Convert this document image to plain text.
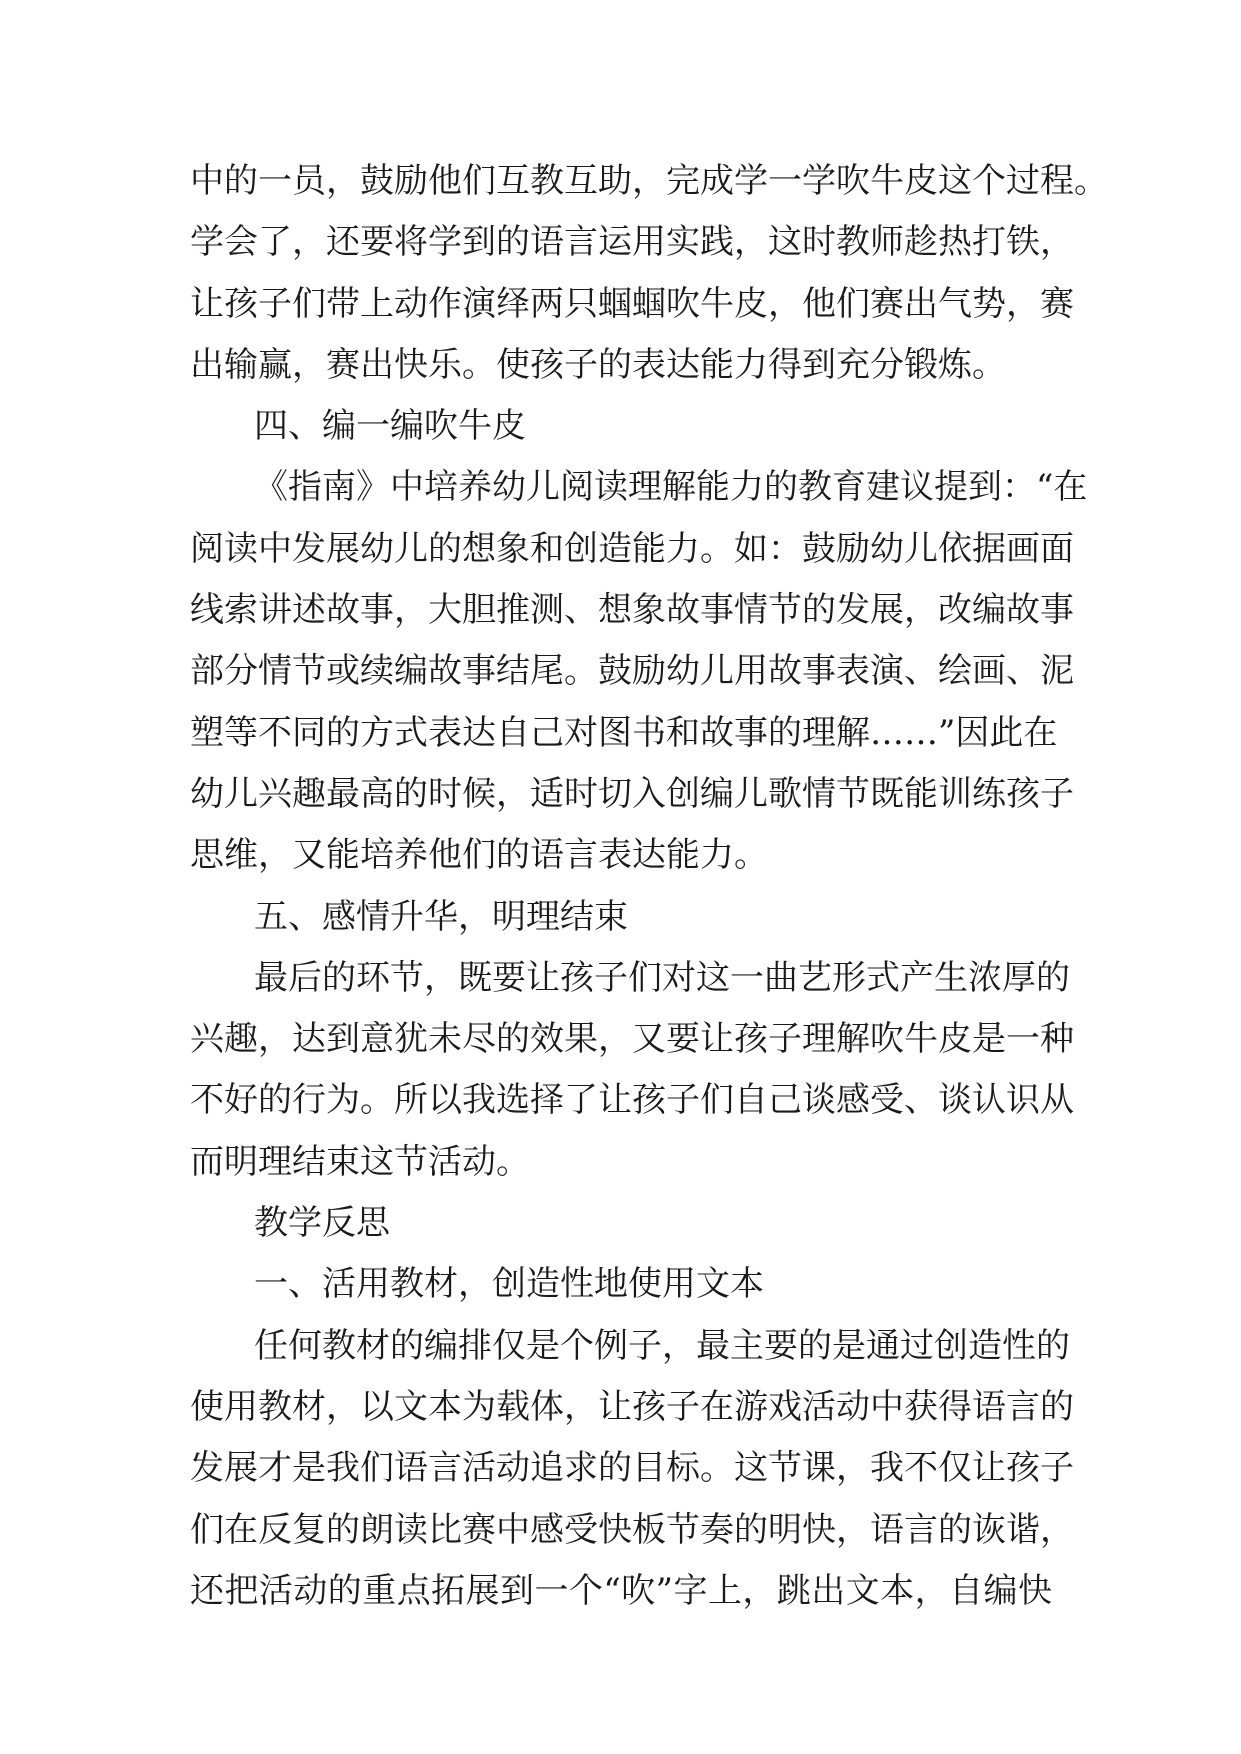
中的一员，鼓励他们互教互助，完成学一学吹牛皮这个过程。
学会了，还要将学到的语言运用实践，这时教师趁热打铁，
让孩子们带上动作演绎两只蝈蝈吹牛皮，他们赛出气势，赛
出输赢，赛出快乐。使孩子的表达能力得到充分锻炼。
四、编一编吹牛皮
《指南》中培养幼儿阅读理解能力的教育建议提到：“在
阅读中发展幼儿的想象和创造能力。如：鼓励幼儿依据画面
线索讲述故事，大胆推测、想象故事情节的发展，改编故事
部分情节或续编故事结尾。鼓励幼儿用故事表演、绘画、泥
塑等不同的方式表达自己对图书和故事的理解……”因此在
幼儿兴趣最高的时候，适时切入创编儿歌情节既能训练孩子
思维，又能培养他们的语言表达能力。
五、感情升华，明理结束
最后的环节，既要让孩子们对这一曲艺形式产生浓厚的
兴趣，达到意犹未尽的效果，又要让孩子理解吹牛皮是一种
不好的行为。所以我选择了让孩子们自己谈感受、谈认识从
而明理结束这节活动。
教学反思
一、活用教材，创造性地使用文本
任何教材的编排仅是个例子，最主要的是通过创造性的
使用教材，以文本为载体，让孩子在游戏活动中获得语言的
发展才是我们语言活动追求的目标。这节课，我不仅让孩子
们在反复的朗读比赛中感受快板节奏的明快，语言的诙谐，
还把活动的重点拓展到一个“吹”字上，跳出文本，自编快
